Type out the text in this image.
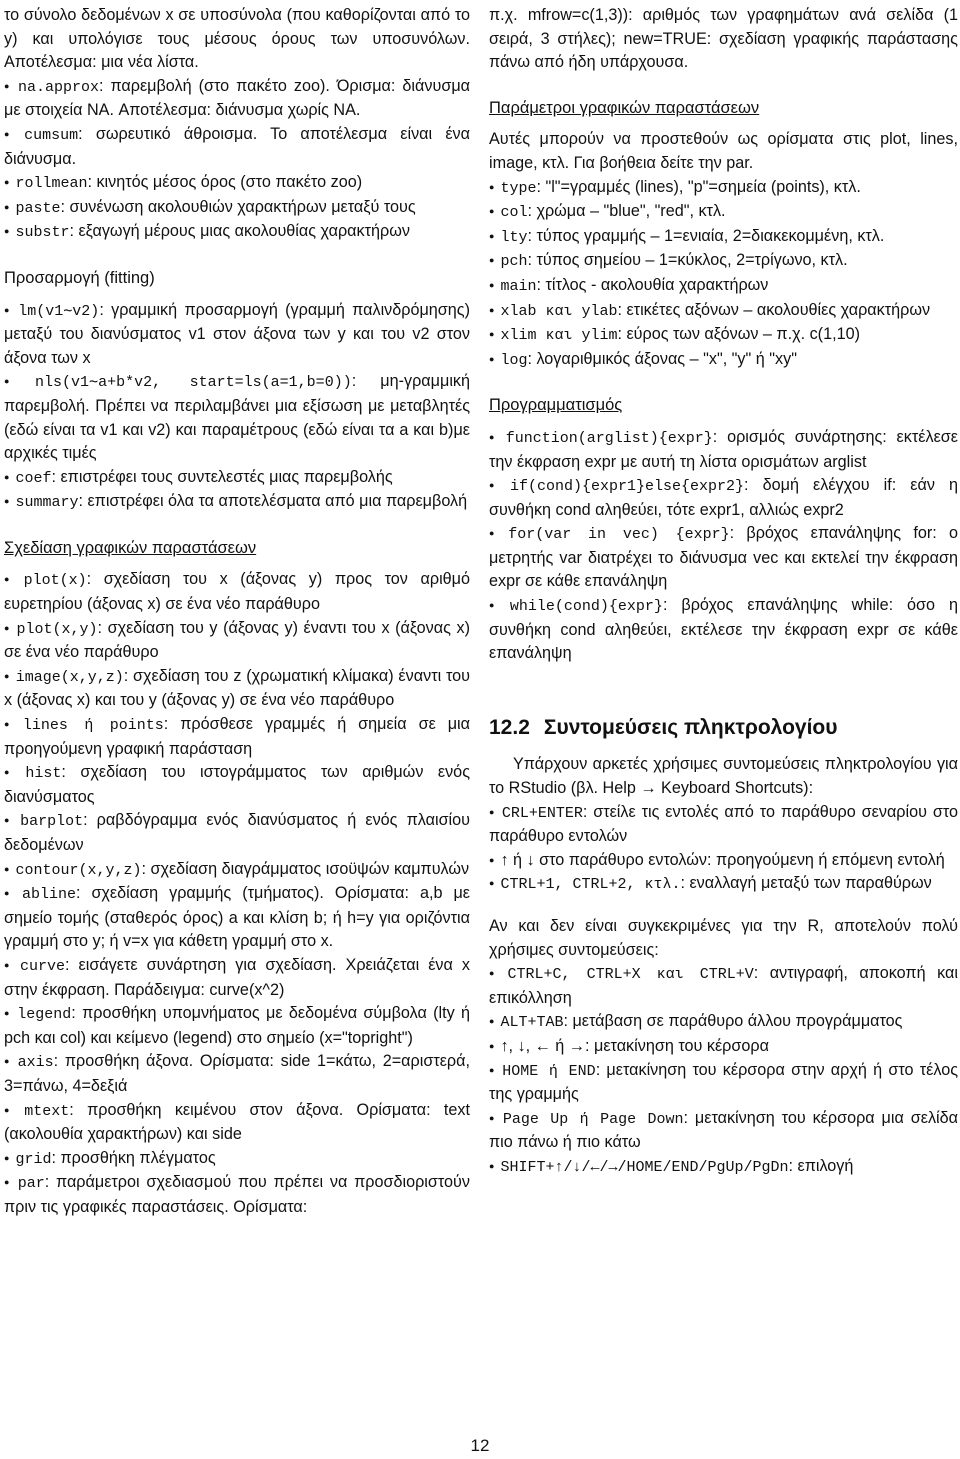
το σύνολο δεδομένων x σε υποσύνολα (που καθορίζονται από το y) και υπολόγισε τους μέσους όρους των υποσυνόλων. Αποτέλεσμα: μια νέα λίστα.

● na.approx: παρεμβολή (στο πακέτο zoo). Όρισμα: διάνυσμα με στοιχεία NA. Αποτέλεσμα: διάνυσμα χωρίς NA.

● cumsum: σωρευτικό άθροισμα. Το αποτέλεσμα είναι ένα διάνυσμα.

● rollmean: κινητός μέσος όρος (στο πακέτο zoo)

● paste: συνένωση ακολουθιών χαρακτήρων μεταξύ τους

● substr: εξαγωγή μέρους μιας ακολουθίας χαρακτήρων

Προσαρμογή (fitting)

● lm(v1∼v2): γραμμική προσαρμογή (γραμμή παλινδρόμησης) μεταξύ του διανύσματος v1 στον άξονα των y και του v2 στον άξονα των x

● nls(v1∼a+b*v2, start=ls(a=1,b=0)): μη-γραμμική παρεμβολή. Πρέπει να περιλαμβάνει μια εξίσωση με μεταβλητές (εδώ είναι τα v1 και v2) και παραμέτρους (εδώ είναι τα a και b)με αρχικές τιμές

● coef: επιστρέφει τους συντελεστές μιας παρεμβολής

● summary: επιστρέφει όλα τα αποτελέσματα από μια παρεμβολή

Σχεδίαση γραφικών παραστάσεων

● plot(x): σχεδίαση του x (άξονας y) προς τον αριθμό ευρετηρίου (άξονας x) σε ένα νέο παράθυρο

● plot(x,y): σχεδίαση του y (άξονας y) έναντι του x (άξονας x) σε ένα νέο παράθυρο

● image(x,y,z): σχεδίαση του z (χρωματική κλίμακα) έναντι του x (άξονας x) και του y (άξονας y) σε ένα νέο παράθυρο

● lines ή points: πρόσθεσε γραμμές ή σημεία σε μια προηγούμενη γραφική παράσταση

● hist: σχεδίαση του ιστογράμματος των αριθμών ενός διανύσματος

● barplot: ραβδόγραμμα ενός διανύσματος ή ενός πλαισίου δεδομένων

● contour(x,y,z): σχεδίαση διαγράμματος ισοϋψών καμπυλών

● abline: σχεδίαση γραμμής (τμήματος). Ορίσματα: a,b με σημείο τομής (σταθερός όρος) a και κλίση b; ή h=y για οριζόντια γραμμή στο y; ή v=x για κάθετη γραμμή στο x.

● curve: εισάγετε συνάρτηση για σχεδίαση. Χρειάζεται ένα x στην έκφραση. Παράδειγμα: curve(x^2)

● legend: προσθήκη υπομνήματος με δεδομένα σύμβολα (lty ή pch και col) και κείμενο (legend) στο σημείο (x="topright")

● axis: προσθήκη άξονα. Ορίσματα: side 1=κάτω, 2=αριστερά, 3=πάνω, 4=δεξιά

● mtext: προσθήκη κειμένου στον άξονα. Ορίσματα: text (ακολουθία χαρακτήρων) και side

● grid: προσθήκη πλέγματος

● par: παράμετροι σχεδιασμού που πρέπει να προσδιοριστούν πριν τις γραφικές παραστάσεις. Ορίσματα:

π.χ. mfrow=c(1,3)): αριθμός των γραφημάτων ανά σελίδα (1 σειρά, 3 στήλες); new=TRUE: σχεδίαση γραφικής παράστασης πάνω από ήδη υπάρχουσα.

Παράμετροι γραφικών παραστάσεων

Αυτές μπορούν να προστεθούν ως ορίσματα στις plot, lines, image, κτλ. Για βοήθεια δείτε την par.

● type: "l"=γραμμές (lines), "p"=σημεία (points), κτλ.

● col: χρώμα – "blue", "red", κτλ.

● lty: τύπος γραμμής – 1=ενιαία, 2=διακεκομμένη, κτλ.

● pch: τύπος σημείου – 1=κύκλος, 2=τρίγωνο, κτλ.

● main: τίτλος - ακολουθία χαρακτήρων

● xlab και ylab: ετικέτες αξόνων – ακολουθίες χαρακτήρων

● xlim και ylim: εύρος των αξόνων – π.χ. c(1,10)

● log: λογαριθμικός άξονας – "x", "y" ή "xy"

Προγραμματισμός

● function(arglist){expr}: ορισμός συνάρτησης: εκτέλεσε την έκφραση expr με αυτή τη λίστα ορισμάτων arglist

● if(cond){expr1}else{expr2}: δομή ελέγχου if: εάν η συνθήκη cond αληθεύει, τότε expr1, αλλιώς expr2

● for(var in vec) {expr}: βρόχος επανάληψης for: ο μετρητής var διατρέχει το διάνυσμα vec και εκτελεί την έκφραση expr σε κάθε επανάληψη

● while(cond){expr}: βρόχος επανάληψης while: όσο η συνθήκη cond αληθεύει, εκτέλεσε την έκφραση expr σε κάθε επανάληψη

12.2 Συντομεύσεις πληκτρολογίου

Υπάρχουν αρκετές χρήσιμες συντομεύσεις πληκτρολογίου για το RStudio (βλ. Help → Keyboard Shortcuts):

● CRL+ENTER: στείλε τις εντολές από το παράθυρο σεναρίου στο παράθυρο εντολών

● ↑ ή ↓ στο παράθυρο εντολών: προηγούμενη ή επόμενη εντολή

● CTRL+1, CTRL+2, κτλ.: εναλλαγή μεταξύ των παραθύρων

Αν και δεν είναι συγκεκριμένες για την R, αποτελούν πολύ χρήσιμες συντομεύσεις:

● CTRL+C, CTRL+X και CTRL+V: αντιγραφή, αποκοπή και επικόλληση

● ALT+TAB: μετάβαση σε παράθυρο άλλου προγράμματος

● ↑, ↓, ← ή →: μετακίνηση του κέρσορα

● HOME ή END: μετακίνηση του κέρσορα στην αρχή ή στο τέλος της γραμμής

● Page Up ή Page Down: μετακίνηση του κέρσορα μια σελίδα πιο πάνω ή πιο κάτω

● SHIFT+↑/↓/←/→/HOME/END/PgUp/PgDn: επιλογή

12
